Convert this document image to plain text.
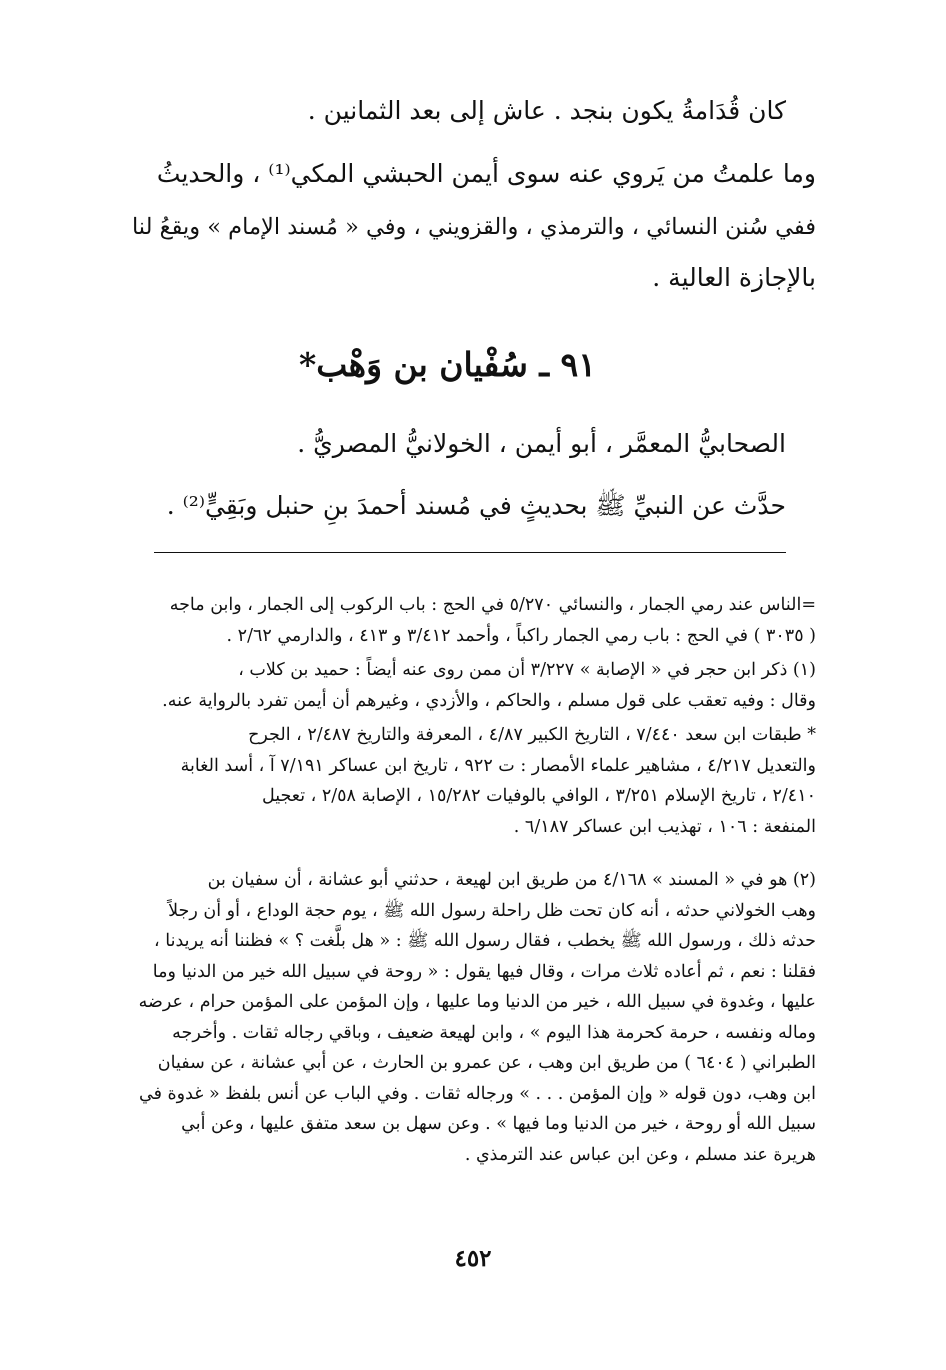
كان قُدَامةُ يكون بنجد . عاش إلى بعد الثمانين .
وما علمتُ من يَروي عنه سوى أيمن الحبشي المكي⁽¹⁾ ، والحديثُ
ففي سُنن النسائي ، والترمذي ، والقزويني ، وفي « مُسند الإمام » ويقعُ لنا
بالإجازة العالية .
٩١ ـ سُفْيان بن وَهْب*
الصحابيُّ المعمَّر ، أبو أيمن ، الخولانيُّ المصريُّ .
حدَّث عن النبيِّ ﷺ بحديثٍ في مُسند أحمدَ بنِ حنبل وبَقِيٍّ⁽²⁾ .
=الناس عند رمي الجمار ، والنسائي ٥/٢٧٠ في الحج : باب الركوب إلى الجمار ، وابن ماجه
( ٣٠٣٥ ) في الحج : باب رمي الجمار راكباً ، وأحمد ٣/٤١٢ و ٤١٣ ، والدارمي ٢/٦٢ .
(١) ذكر ابن حجر في « الإصابة » ٣/٢٢٧ أن ممن روى عنه أيضاً : حميد بن كلاب ،
وقال : وفيه تعقب على قول مسلم ، والحاكم ، والأزدي ، وغيرهم أن أيمن تفرد بالرواية عنه.
* طبقات ابن سعد ٧/٤٤٠ ، التاريخ الكبير ٤/٨٧ ، المعرفة والتاريخ ٢/٤٨٧ ، الجرح
والتعديل ٤/٢١٧ ، مشاهير علماء الأمصار : ت ٩٢٢ ، تاريخ ابن عساكر ٧/١٩١ آ ، أسد الغابة
٢/٤١٠ ، تاريخ الإسلام ٣/٢٥١ ، الوافي بالوفيات ١٥/٢٨٢ ، الإصابة ٢/٥٨ ، تعجيل
المنفعة : ١٠٦ ، تهذيب ابن عساكر ٦/١٨٧ .
(٢) هو في « المسند » ٤/١٦٨ من طريق ابن لهيعة ، حدثني أبو عشانة ، أن سفيان بن
وهب الخولاني حدثه ، أنه كان تحت ظل راحلة رسول الله ﷺ ، يوم حجة الوداع ، أو أن رجلاً
حدثه ذلك ، ورسول الله ﷺ يخطب ، فقال رسول الله ﷺ : « هل بلَّغت ؟ » فظننا أنه يريدنا ،
فقلنا : نعم ، ثم أعاده ثلاث مرات ، وقال فيها يقول : « روحة في سبيل الله خير من الدنيا وما
عليها ، وغدوة في سبيل الله ، خير من الدنيا وما عليها ، وإن المؤمن على المؤمن حرام ، عرضه
وماله ونفسه ، حرمة كحرمة هذا اليوم » ، وابن لهيعة ضعيف ، وباقي رجاله ثقات . وأخرجه
الطبراني ( ٦٤٠٤ ) من طريق ابن وهب ، عن عمرو بن الحارث ، عن أبي عشانة ، عن سفيان
ابن وهب، دون قوله « وإن المؤمن . . . » ورجاله ثقات . وفي الباب عن أنس بلفظ « غدوة في
سبيل الله أو روحة ، خير من الدنيا وما فيها » . وعن سهل بن سعد متفق عليها ، وعن أبي
هريرة عند مسلم ، وعن ابن عباس عند الترمذي .
٤٥٢
